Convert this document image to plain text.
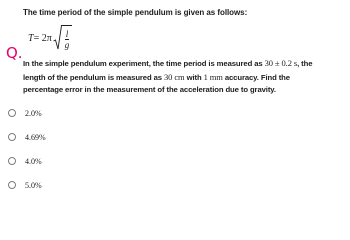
Q.
The time period of the simple pendulum is given as follows:
T = 2 π $\frac{l}{g}$
In the simple pendulum experiment, the time period is measured as 30 ± 0.2 s, the
length of the pendulum is measured as 30 cm with 1 mm accuracy. Find the
percentage error in the measurement of the acceleration due to gravity.
2.0%
4.69%
4.0%
5.0%
